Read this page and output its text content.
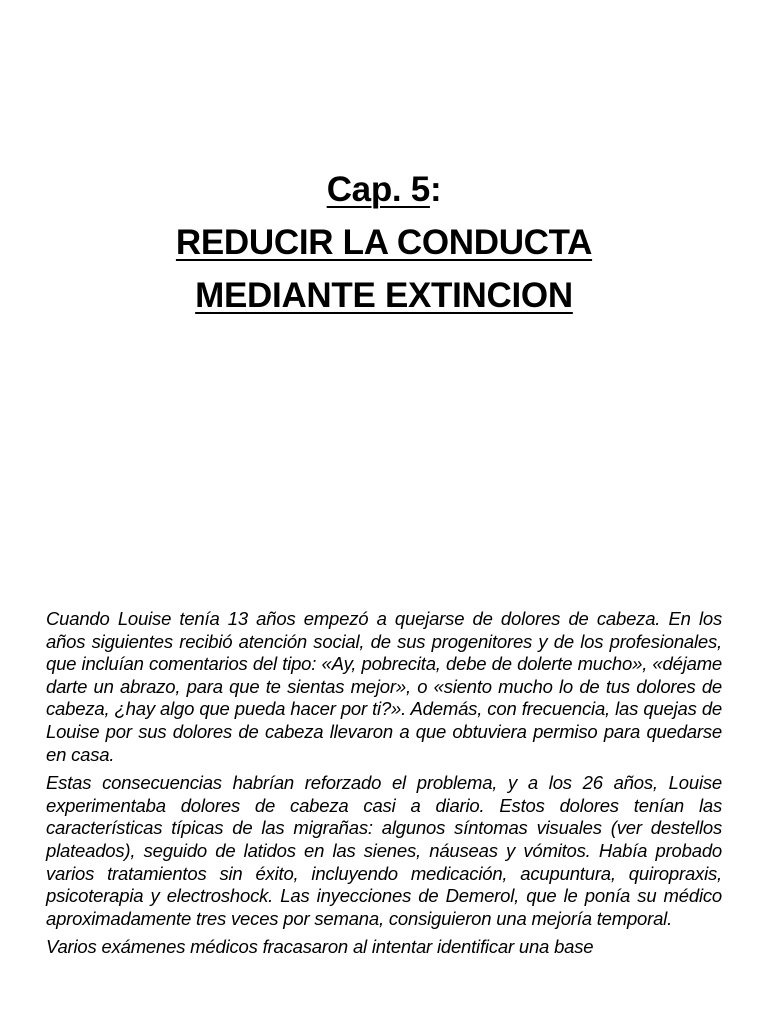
Cap. 5:
REDUCIR LA CONDUCTA
MEDIANTE EXTINCION

Cuando Louise tenía 13 años empezó a quejarse de dolores de cabeza. En los años siguientes recibió atención social, de sus progenitores y de los profesionales, que incluían comentarios del tipo: «Ay, pobrecita, debe de dolerte mucho», «déjame darte un abrazo, para que te sientas mejor», o «siento mucho lo de tus dolores de cabeza, ¿hay algo que pueda hacer por ti?». Además, con frecuencia, las quejas de Louise por sus dolores de cabeza llevaron a que obtuviera permiso para quedarse en casa.

Estas consecuencias habrían reforzado el problema, y a los 26 años, Louise experimentaba dolores de cabeza casi a diario. Estos dolores tenían las características típicas de las migrañas: algunos síntomas visuales (ver destellos plateados), seguido de latidos en las sienes, náuseas y vómitos. Había probado varios tratamientos sin éxito, incluyendo medicación, acupuntura, quiropraxis, psicoterapia y electroshock. Las inyecciones de Demerol, que le ponía su médico aproximadamente tres veces por semana, consiguieron una mejoría temporal.

Varios exámenes médicos fracasaron al intentar identificar una base
